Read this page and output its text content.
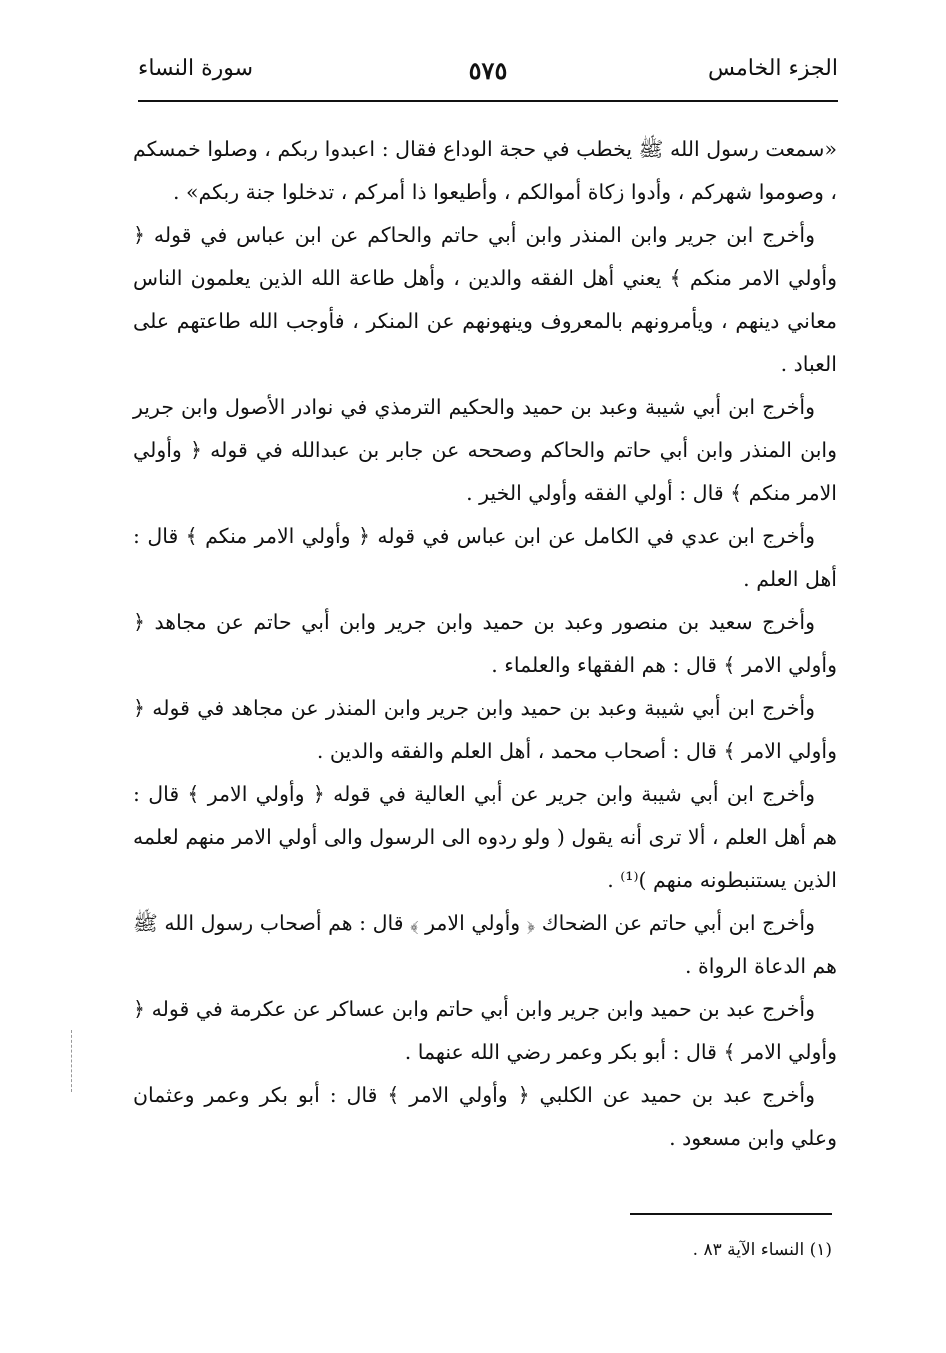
الجزء الخامس
٥٧٥
سورة النساء

«سمعت رسول الله ﷺ يخطب في حجة الوداع فقال : اعبدوا ربكم ، وصلوا خمسكم ، وصوموا شهركم ، وأدوا زكاة أموالكم ، وأطيعوا ذا أمركم ، تدخلوا جنة ربكم» .

وأخرج ابن جرير وابن المنذر وابن أبي حاتم والحاكم عن ابن عباس في قوله ﴿ وأولي الامر منكم ﴾ يعني أهل الفقه والدين ، وأهل طاعة الله الذين يعلمون الناس معاني دينهم ، ويأمرونهم بالمعروف وينهونهم عن المنكر ، فأوجب الله طاعتهم على العباد .

وأخرج ابن أبي شيبة وعبد بن حميد والحكيم الترمذي في نوادر الأصول وابن جرير وابن المنذر وابن أبي حاتم والحاكم وصححه عن جابر بن عبدالله في قوله ﴿ وأولي الامر منكم ﴾ قال : أولي الفقه وأولي الخير .

وأخرج ابن عدي في الكامل عن ابن عباس في قوله ﴿ وأولي الامر منكم ﴾ قال : أهل العلم .

وأخرج سعيد بن منصور وعبد بن حميد وابن جرير وابن أبي حاتم عن مجاهد ﴿ وأولي الامر ﴾ قال : هم الفقهاء والعلماء .

وأخرج ابن أبي شيبة وعبد بن حميد وابن جرير وابن المنذر عن مجاهد في قوله ﴿ وأولي الامر ﴾ قال : أصحاب محمد ، أهل العلم والفقه والدين .

وأخرج ابن أبي شيبة وابن جرير عن أبي العالية في قوله ﴿ وأولي الامر ﴾ قال : هم أهل العلم ، ألا ترى أنه يقول ( ولو ردوه الى الرسول والى أولي الامر منهم لعلمه الذين يستنبطونه منهم )⁽¹⁾ .

وأخرج ابن أبي حاتم عن الضحاك ﴿ وأولي الامر ﴾ قال : هم أصحاب رسول الله ﷺ هم الدعاة الرواة .

وأخرج عبد بن حميد وابن جرير وابن أبي حاتم وابن عساكر عن عكرمة في قوله ﴿ وأولي الامر ﴾ قال : أبو بكر وعمر رضي الله عنهما .

وأخرج عبد بن حميد عن الكلبي ﴿ وأولي الامر ﴾ قال : أبو بكر وعمر وعثمان وعلي وابن مسعود .

(١) النساء الآية ٨٣ .
